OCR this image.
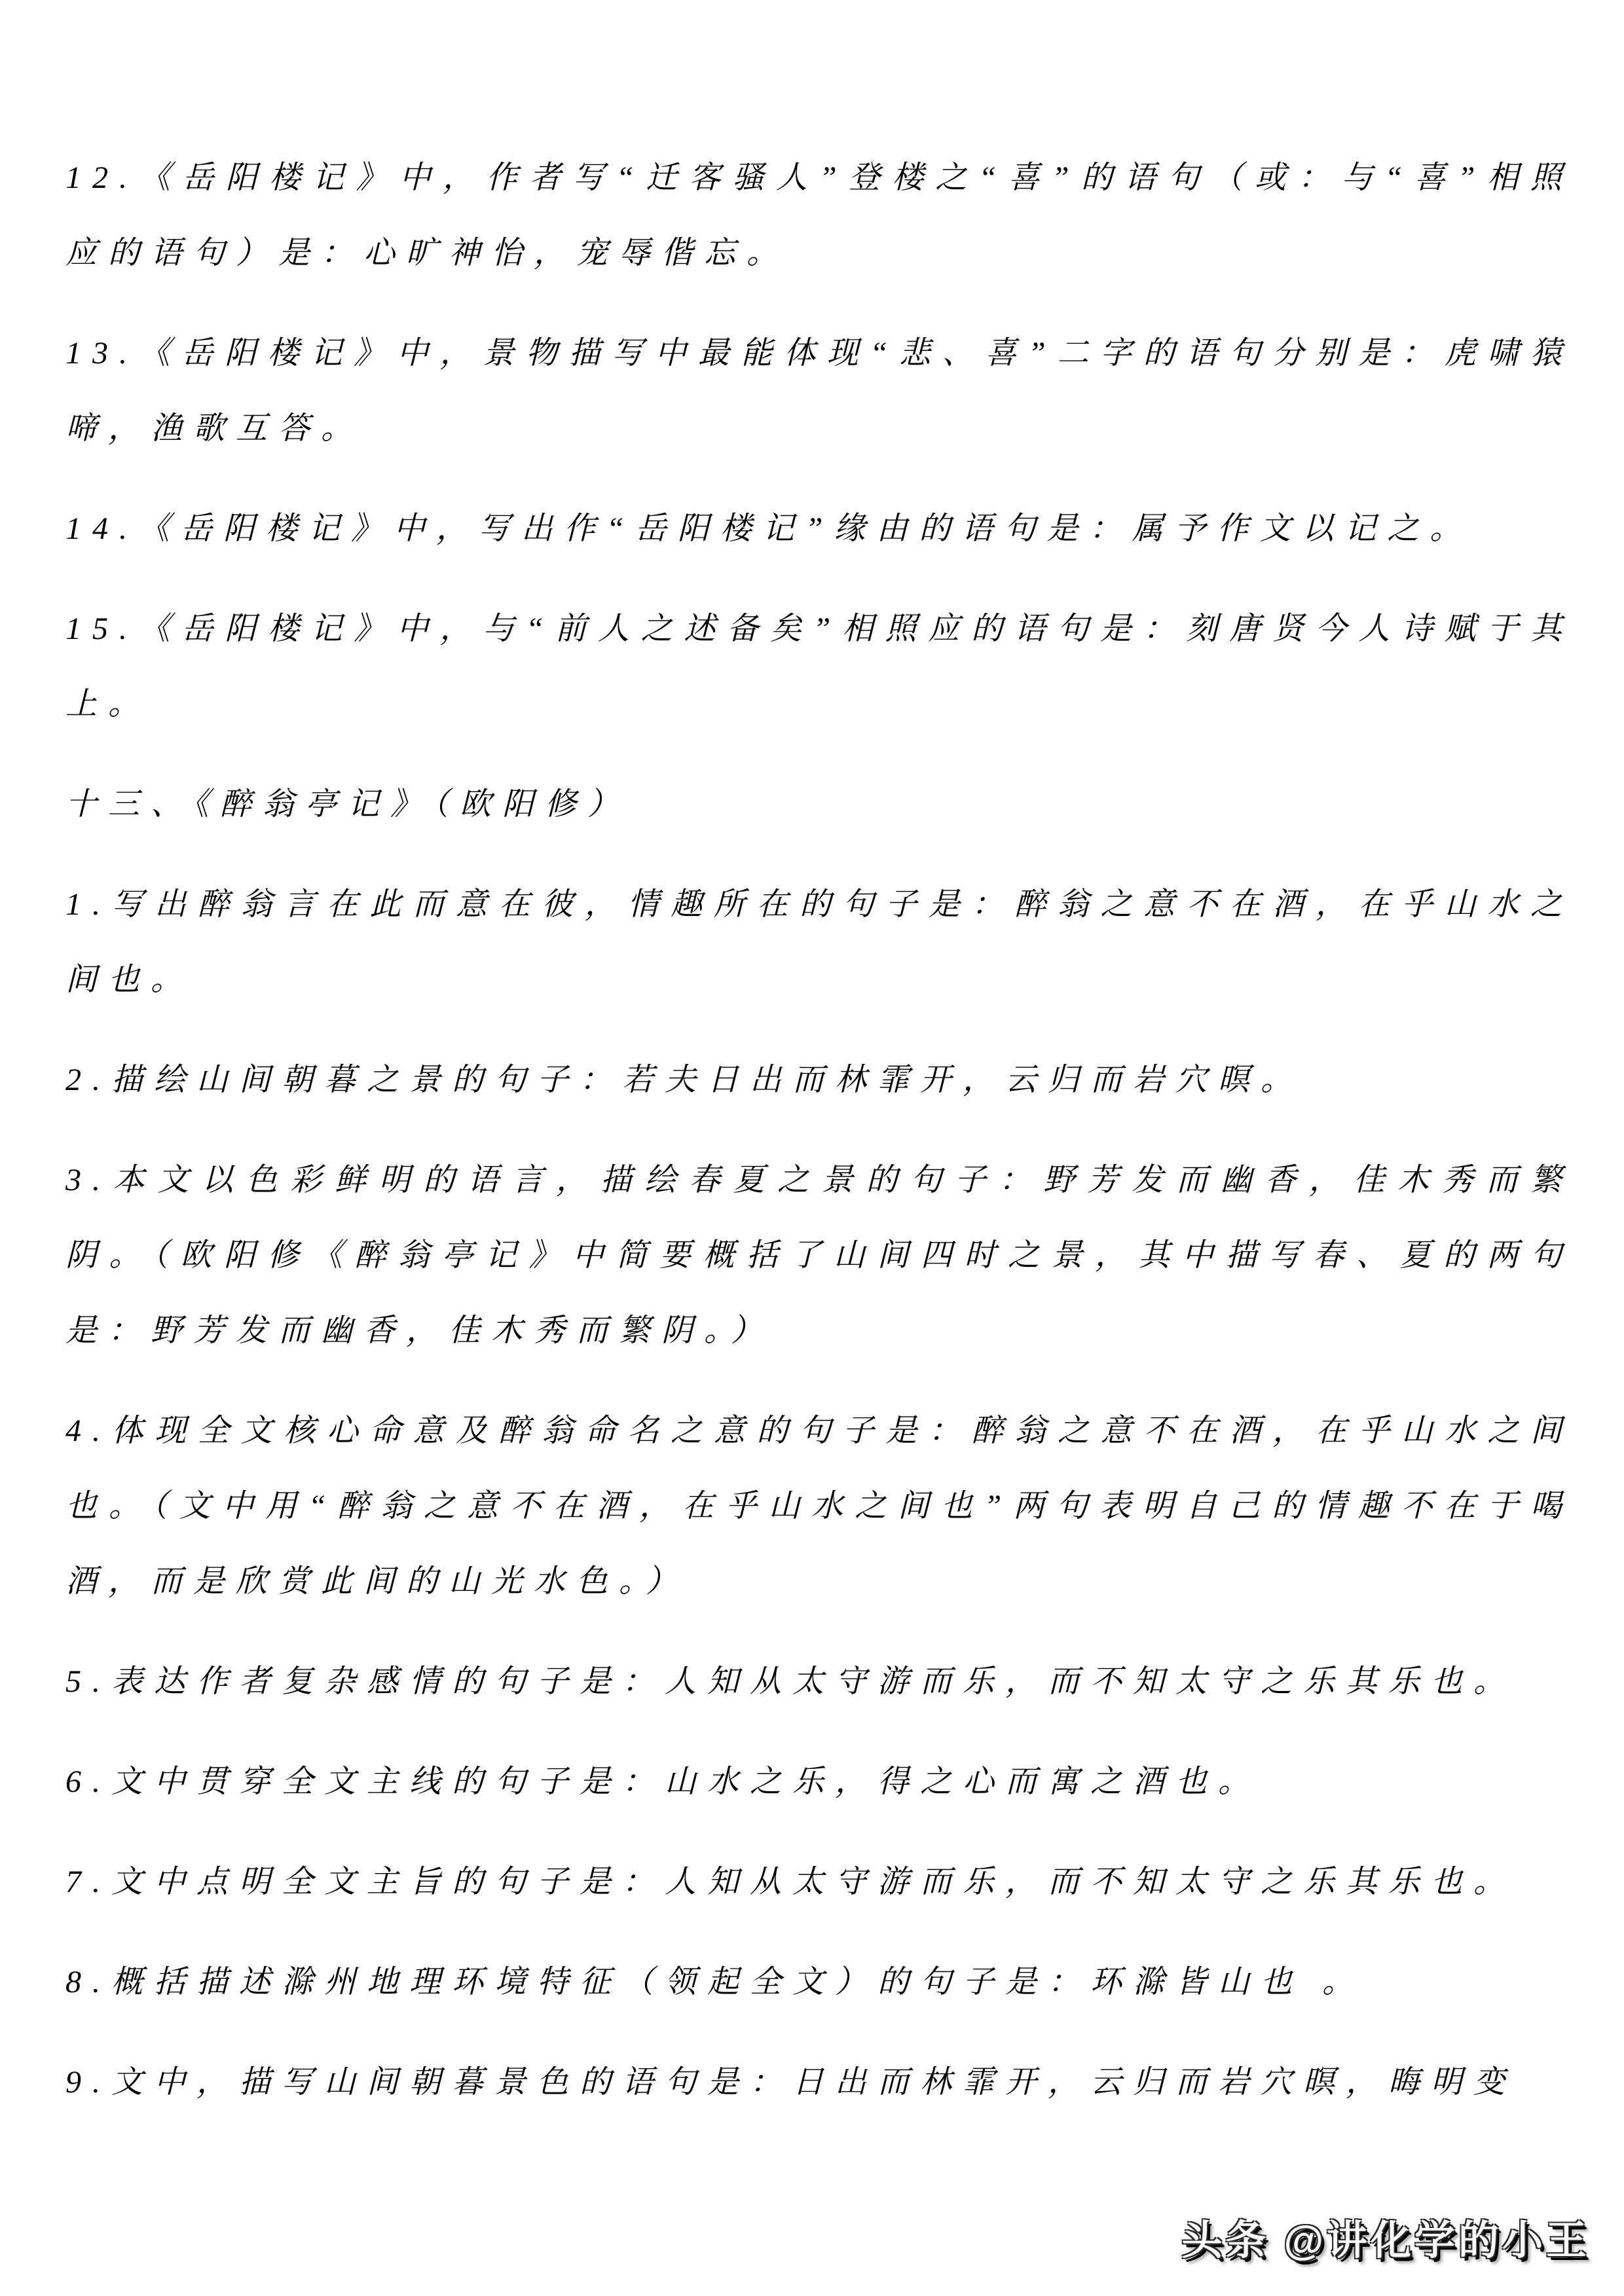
12.《岳阳楼记》中，作者写“迁客骚人”登楼之“喜”的语句（或：与“喜”相照应的语句）是：心旷神怡，宠辱偕忘。

13.《岳阳楼记》中，景物描写中最能体现“悲、喜”二字的语句分别是：虎啸猿啼，渔歌互答。

14.《岳阳楼记》中，写出作“岳阳楼记”缘由的语句是：属予作文以记之。

15.《岳阳楼记》中，与“前人之述备矣”相照应的语句是：刻唐贤今人诗赋于其上。

十三、《醉翁亭记》（欧阳修）

1.写出醉翁言在此而意在彼，情趣所在的句子是：醉翁之意不在酒，在乎山水之间也。

2.描绘山间朝暮之景的句子：若夫日出而林霏开，云归而岩穴暝。

3.本文以色彩鲜明的语言，描绘春夏之景的句子：野芳发而幽香，佳木秀而繁阴。（欧阳修《醉翁亭记》中简要概括了山间四时之景，其中描写春、夏的两句是：野芳发而幽香，佳木秀而繁阴。）

4.体现全文核心命意及醉翁命名之意的句子是：醉翁之意不在酒，在乎山水之间也。（文中用“醉翁之意不在酒，在乎山水之间也”两句表明自己的情趣不在于喝酒，而是欣赏此间的山光水色。）

5.表达作者复杂感情的句子是：人知从太守游而乐，而不知太守之乐其乐也。

6.文中贯穿全文主线的句子是：山水之乐，得之心而寓之酒也。

7.文中点明全文主旨的句子是：人知从太守游而乐，而不知太守之乐其乐也。

8.概括描述滁州地理环境特征（领起全文）的句子是：环滁皆山也 。

9.文中，描写山间朝暮景色的语句是：日出而林霏开，云归而岩穴暝，晦明变

头条 @讲化学的小王
